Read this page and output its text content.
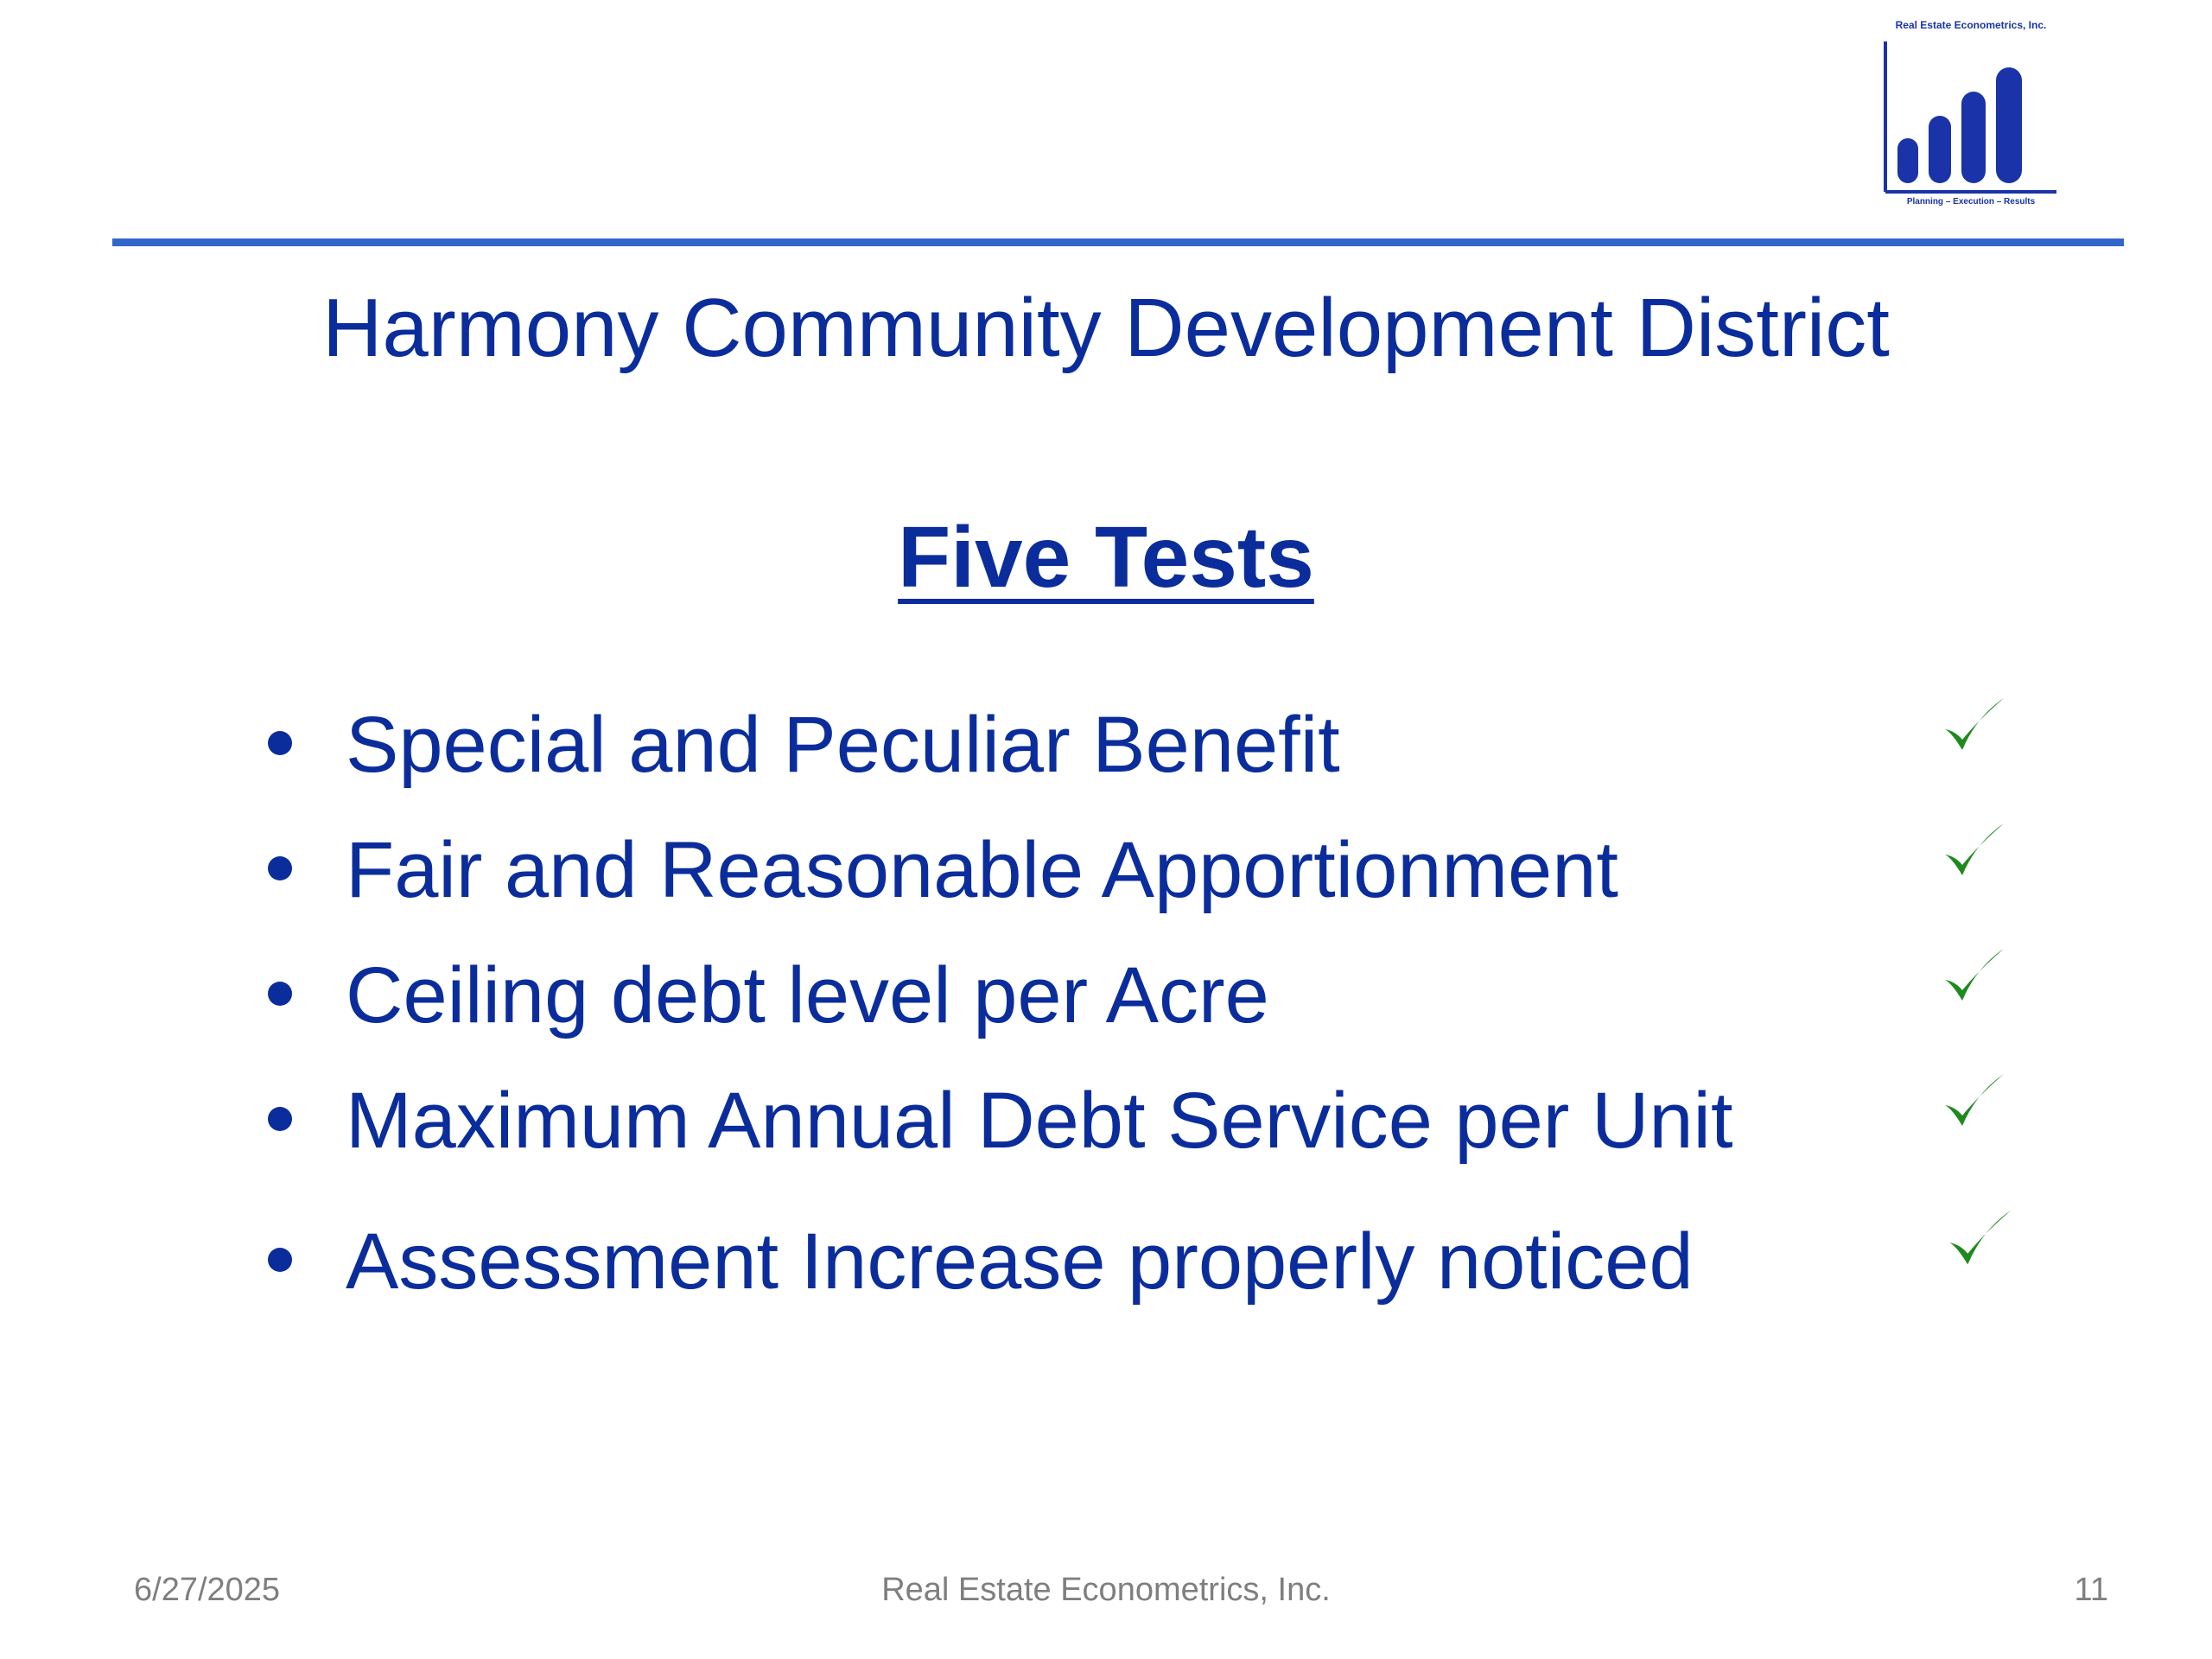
Real Estate Econometrics, Inc.
Planning – Execution – Results
Harmony Community Development District
Five Tests
Special and Peculiar Benefit
Fair and Reasonable Apportionment
Ceiling debt level per Acre
Maximum Annual Debt Service per Unit
Assessment Increase properly noticed
6/27/2025	Real Estate Econometrics, Inc.	11
